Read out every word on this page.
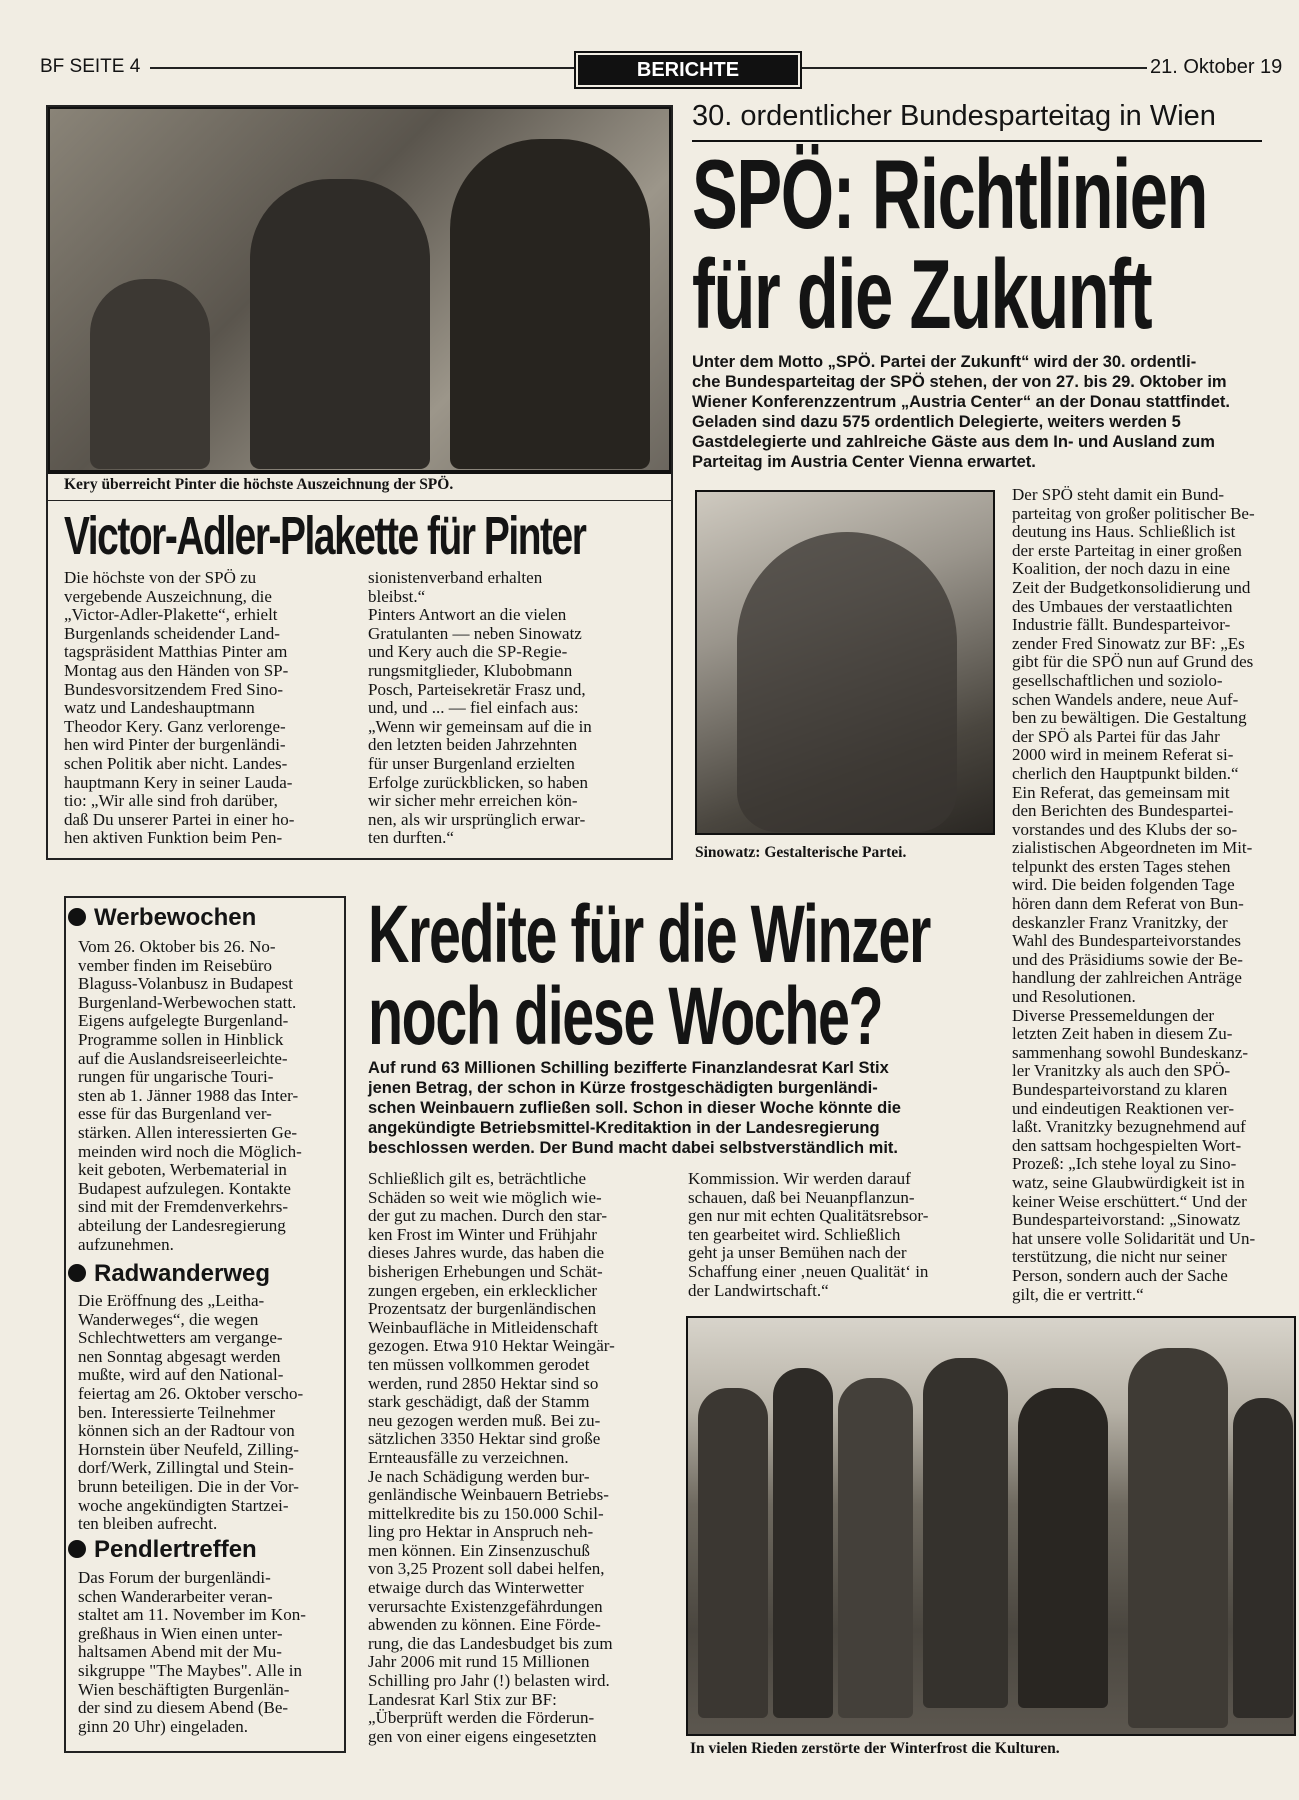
BF SEITE 4	BERICHTE	21. Oktober 19
Kery überreicht Pinter die höchste Auszeichnung der SPÖ.
Victor-Adler-Plakette für Pinter
Die höchste von der SPÖ zu
vergebende Auszeichnung, die
„Victor-Adler-Plakette“, erhielt
Burgenlands scheidender Land-
tagspräsident Matthias Pinter am
Montag aus den Händen von SP-
Bundesvorsitzendem Fred Sino-
watz und Landeshauptmann
Theodor Kery. Ganz verlorenge-
hen wird Pinter der burgenländi-
schen Politik aber nicht. Landes-
hauptmann Kery in seiner Lauda-
tio: „Wir alle sind froh darüber,
daß Du unserer Partei in einer ho-
hen aktiven Funktion beim Pen-
sionistenverband erhalten
bleibst.“
Pinters Antwort an die vielen
Gratulanten — neben Sinowatz
und Kery auch die SP-Regie-
rungsmitglieder, Klubobmann
Posch, Parteisekretär Frasz und,
und, und ... — fiel einfach aus:
„Wenn wir gemeinsam auf die in
den letzten beiden Jahrzehnten
für unser Burgenland erzielten
Erfolge zurückblicken, so haben
wir sicher mehr erreichen kön-
nen, als wir ursprünglich erwar-
ten durften.“
30. ordentlicher Bundesparteitag in Wien
SPÖ: Richtlinien
für die Zukunft
Unter dem Motto „SPÖ. Partei der Zukunft“ wird der 30. ordentli-
che Bundesparteitag der SPÖ stehen, der von 27. bis 29. Oktober im
Wiener Konferenzzentrum „Austria Center“ an der Donau stattfindet.
Geladen sind dazu 575 ordentlich Delegierte, weiters werden 5
Gastdelegierte und zahlreiche Gäste aus dem In- und Ausland zum
Parteitag im Austria Center Vienna erwartet.
Sinowatz: Gestalterische Partei.
Der SPÖ steht damit ein Bund-
parteitag von großer politischer Be-
deutung ins Haus. Schließlich ist
der erste Parteitag in einer großen
Koalition, der noch dazu in eine
Zeit der Budgetkonsolidierung und
des Umbaues der verstaatlichten
Industrie fällt. Bundesparteivor-
zender Fred Sinowatz zur BF: „Es
gibt für die SPÖ nun auf Grund des
gesellschaftlichen und soziolo-
schen Wandels andere, neue Auf-
ben zu bewältigen. Die Gestaltung
der SPÖ als Partei für das Jahr
2000 wird in meinem Referat si-
cherlich den Hauptpunkt bilden.“
Ein Referat, das gemeinsam mit
den Berichten des Bundespartei-
vorstandes und des Klubs der so-
zialistischen Abgeordneten im Mit-
telpunkt des ersten Tages stehen
wird. Die beiden folgenden Tage
hören dann dem Referat von Bun-
deskanzler Franz Vranitzky, der
Wahl des Bundesparteivorstandes
und des Präsidiums sowie der Be-
handlung der zahlreichen Anträge
und Resolutionen.
Diverse Pressemeldungen der
letzten Zeit haben in diesem Zu-
sammenhang sowohl Bundeskanz-
ler Vranitzky als auch den SPÖ-
Bundesparteivorstand zu klaren
und eindeutigen Reaktionen ver-
laßt. Vranitzky bezugnehmend auf
den sattsam hochgespielten Wort-
Prozeß: „Ich stehe loyal zu Sino-
watz, seine Glaubwürdigkeit ist in
keiner Weise erschüttert.“ Und der
Bundesparteivorstand: „Sinowatz
hat unsere volle Solidarität und Un-
terstützung, die nicht nur seiner
Person, sondern auch der Sache
gilt, die er vertritt.“
Werbewochen
Vom 26. Oktober bis 26. No-
vember finden im Reisebüro
Blaguss-Volanbusz in Budapest
Burgenland-Werbewochen statt.
Eigens aufgelegte Burgenland-
Programme sollen in Hinblick
auf die Auslandsreiseerleichte-
rungen für ungarische Touri-
sten ab 1. Jänner 1988 das Inter-
esse für das Burgenland ver-
stärken. Allen interessierten Ge-
meinden wird noch die Möglich-
keit geboten, Werbematerial in
Budapest aufzulegen. Kontakte
sind mit der Fremdenverkehrs-
abteilung der Landesregierung
aufzunehmen.
Radwanderweg
Die Eröffnung des „Leitha-
Wanderweges“, die wegen
Schlechtwetters am vergange-
nen Sonntag abgesagt werden
mußte, wird auf den National-
feiertag am 26. Oktober verscho-
ben. Interessierte Teilnehmer
können sich an der Radtour von
Hornstein über Neufeld, Zilling-
dorf/Werk, Zillingtal und Stein-
brunn beteiligen. Die in der Vor-
woche angekündigten Startzei-
ten bleiben aufrecht.
Pendlertreffen
Das Forum der burgenländi-
schen Wanderarbeiter veran-
staltet am 11. November im Kon-
greßhaus in Wien einen unter-
haltsamen Abend mit der Mu-
sikgruppe "The Maybes". Alle in
Wien beschäftigten Burgenlän-
der sind zu diesem Abend (Be-
ginn 20 Uhr) eingeladen.
Kredite für die Winzer
noch diese Woche?
Auf rund 63 Millionen Schilling bezifferte Finanzlandesrat Karl Stix
jenen Betrag, der schon in Kürze frostgeschädigten burgenländi-
schen Weinbauern zufließen soll. Schon in dieser Woche könnte die
angekündigte Betriebsmittel-Kreditaktion in der Landesregierung
beschlossen werden. Der Bund macht dabei selbstverständlich mit.
Schließlich gilt es, beträchtliche
Schäden so weit wie möglich wie-
der gut zu machen. Durch den star-
ken Frost im Winter und Frühjahr
dieses Jahres wurde, das haben die
bisherigen Erhebungen und Schät-
zungen ergeben, ein erklecklicher
Prozentsatz der burgenländischen
Weinbaufläche in Mitleidenschaft
gezogen. Etwa 910 Hektar Weingär-
ten müssen vollkommen gerodet
werden, rund 2850 Hektar sind so
stark geschädigt, daß der Stamm
neu gezogen werden muß. Bei zu-
sätzlichen 3350 Hektar sind große
Ernteausfälle zu verzeichnen.
Je nach Schädigung werden bur-
genländische Weinbauern Betriebs-
mittelkredite bis zu 150.000 Schil-
ling pro Hektar in Anspruch neh-
men können. Ein Zinsenzuschuß
von 3,25 Prozent soll dabei helfen,
etwaige durch das Winterwetter
verursachte Existenzgefährdungen
abwenden zu können. Eine Förde-
rung, die das Landesbudget bis zum
Jahr 2006 mit rund 15 Millionen
Schilling pro Jahr (!) belasten wird.
Landesrat Karl Stix zur BF:
„Überprüft werden die Förderun-
gen von einer eigens eingesetzten
Kommission. Wir werden darauf
schauen, daß bei Neuanpflanzun-
gen nur mit echten Qualitätsrebsor-
ten gearbeitet wird. Schließlich
geht ja unser Bemühen nach der
Schaffung einer ‚neuen Qualität‘ in
der Landwirtschaft.“
In vielen Rieden zerstörte der Winterfrost die Kulturen.
